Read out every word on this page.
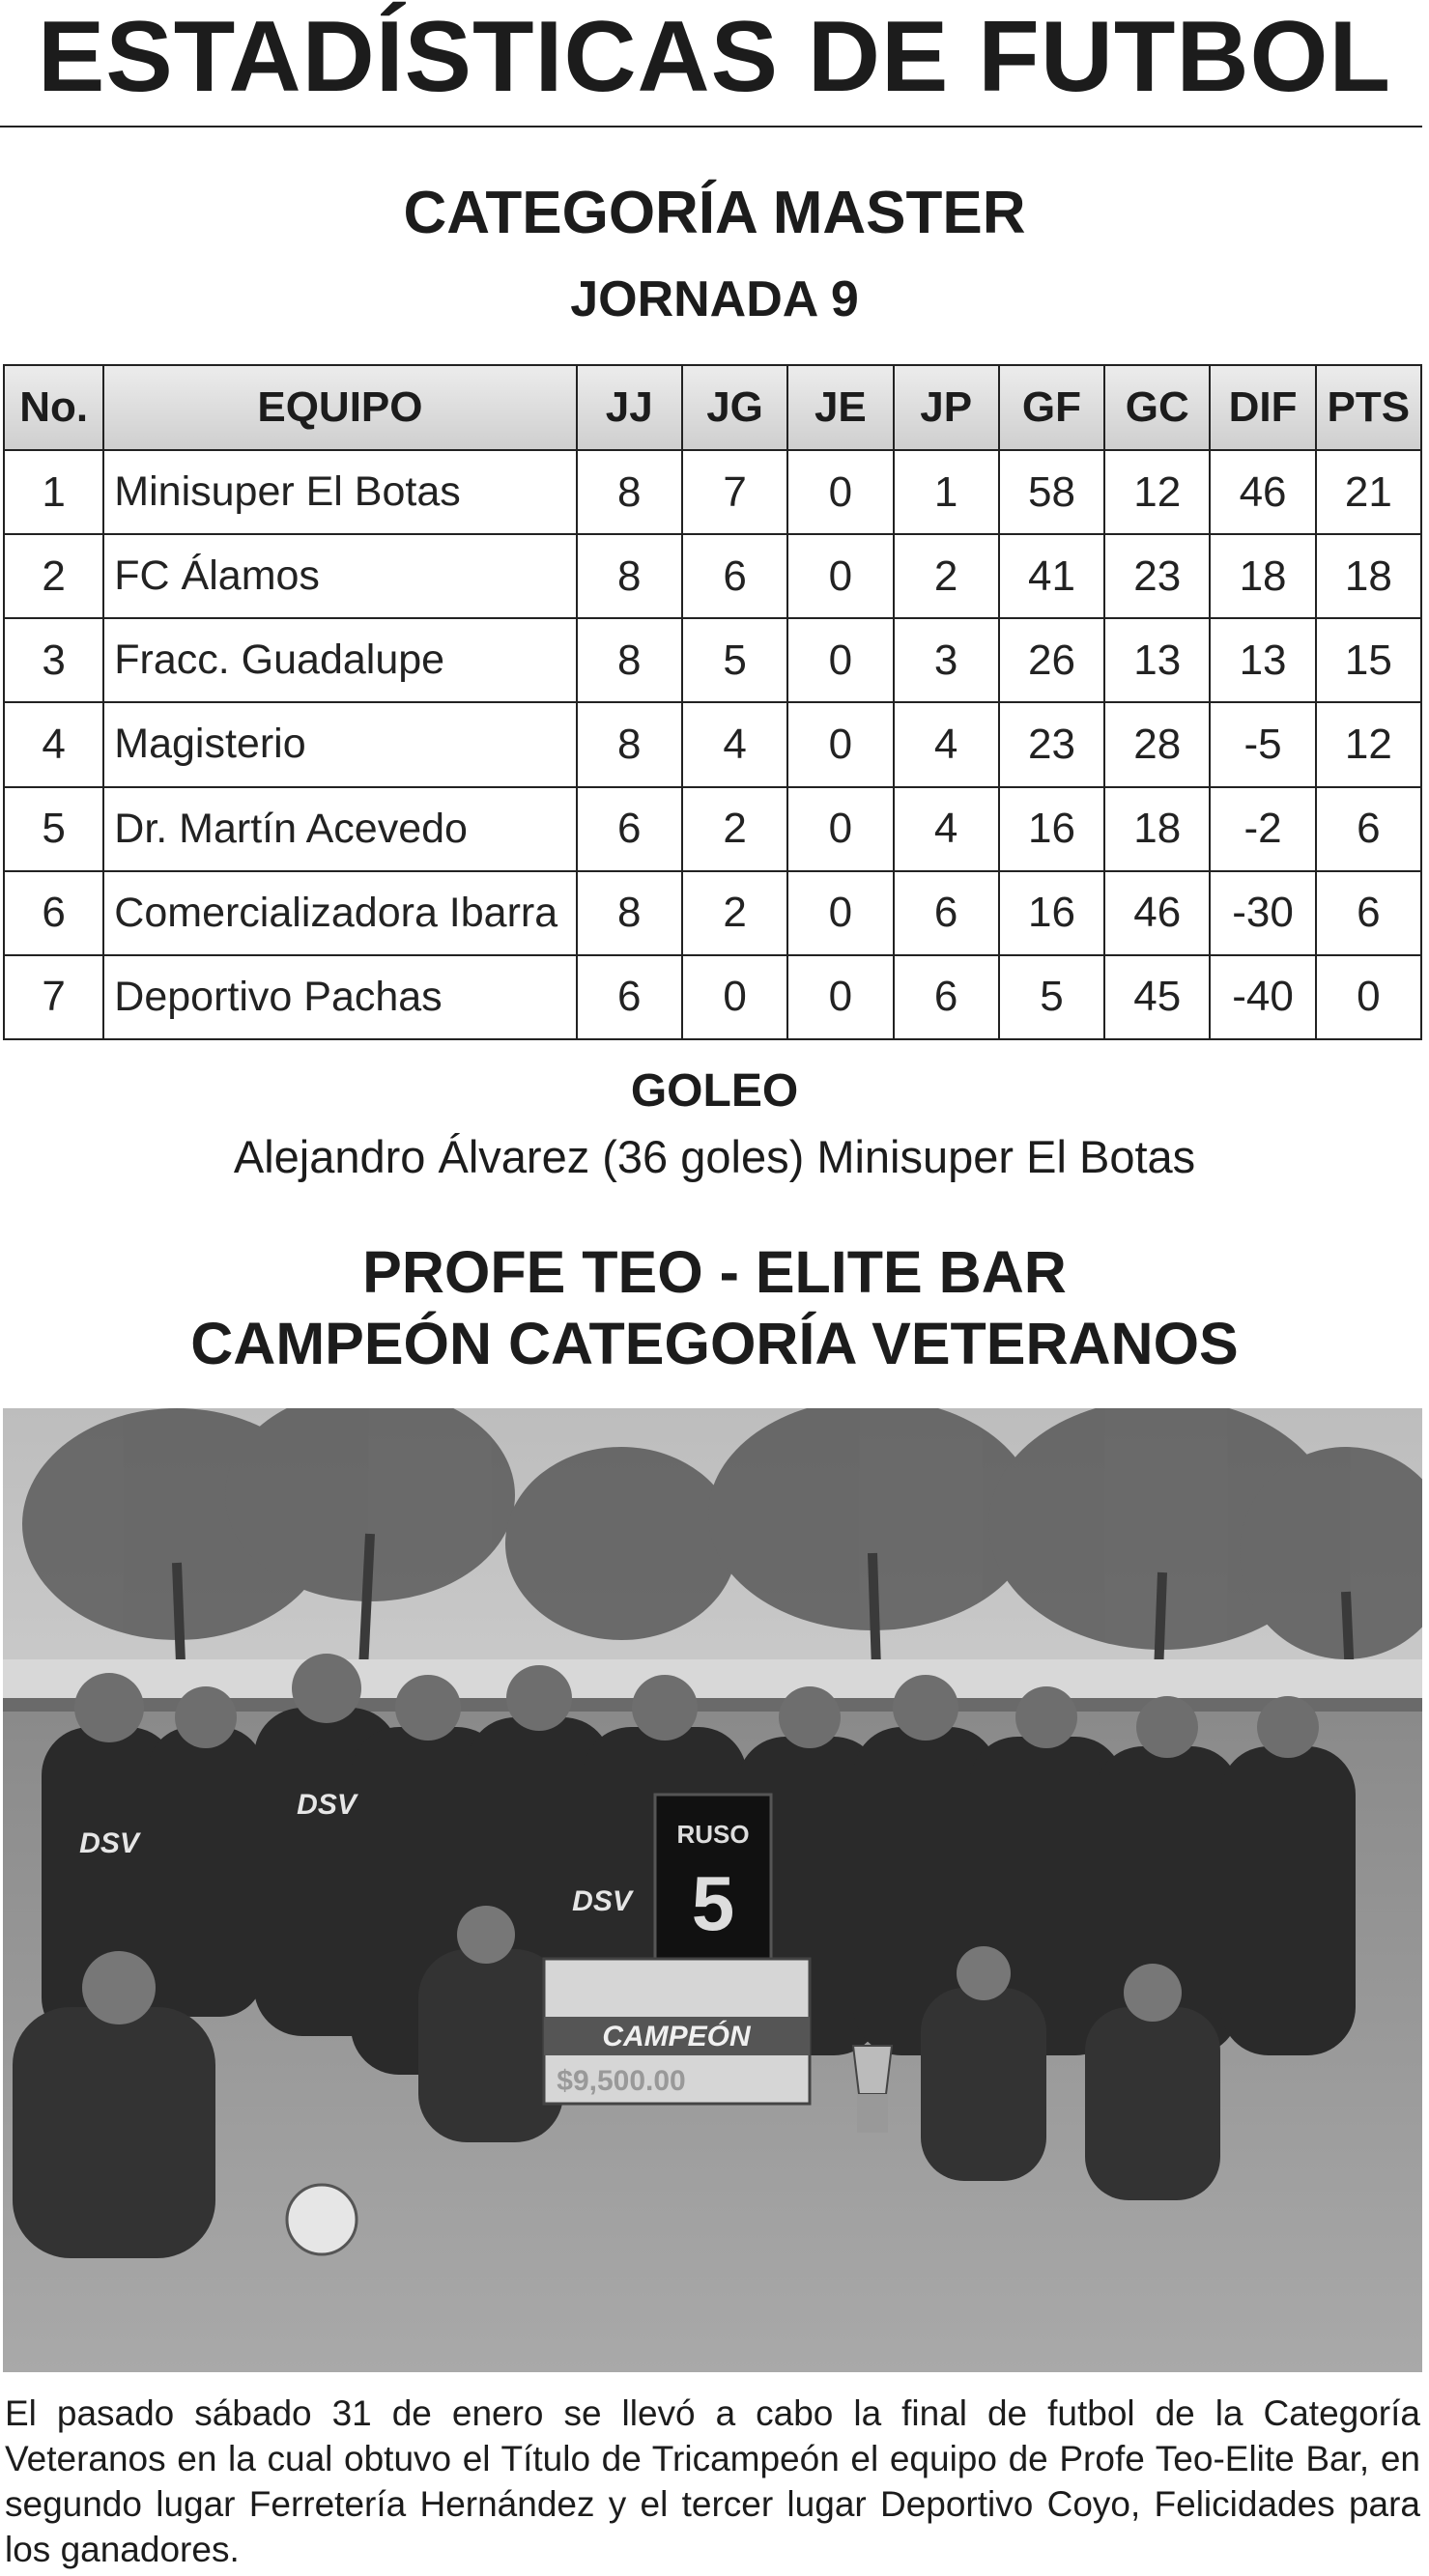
ESTADÍSTICAS DE FUTBOL
CATEGORÍA MASTER
JORNADA 9
No.	EQUIPO	JJ	JG	JE	JP	GF	GC	DIF	PTS
1	Minisuper El Botas	8	7	0	1	58	12	46	21
2	FC Álamos	8	6	0	2	41	23	18	18
3	Fracc. Guadalupe	8	5	0	3	26	13	13	15
4	Magisterio	8	4	0	4	23	28	-5	12
5	Dr. Martín Acevedo	6	2	0	4	16	18	-2	6
6	Comercializadora Ibarra	8	2	0	6	16	46	-30	6
7	Deportivo Pachas	6	0	0	6	5	45	-40	0
GOLEO
Alejandro Álvarez (36 goles) Minisuper El Botas
PROFE TEO - ELITE BAR
CAMPEÓN CATEGORÍA VETERANOS
RUSO
5
DSV
DSV
DSV
CAMPEÓN
$9,500.00
El pasado sábado 31 de enero se llevó a cabo la final de futbol de la Categoría Veteranos en la cual obtuvo el Título de Tricampeón el equipo de Profe Teo-Elite Bar, en segundo lugar Ferretería Hernández y el tercer lugar Deportivo Coyo, Felicidades para los ganadores.
